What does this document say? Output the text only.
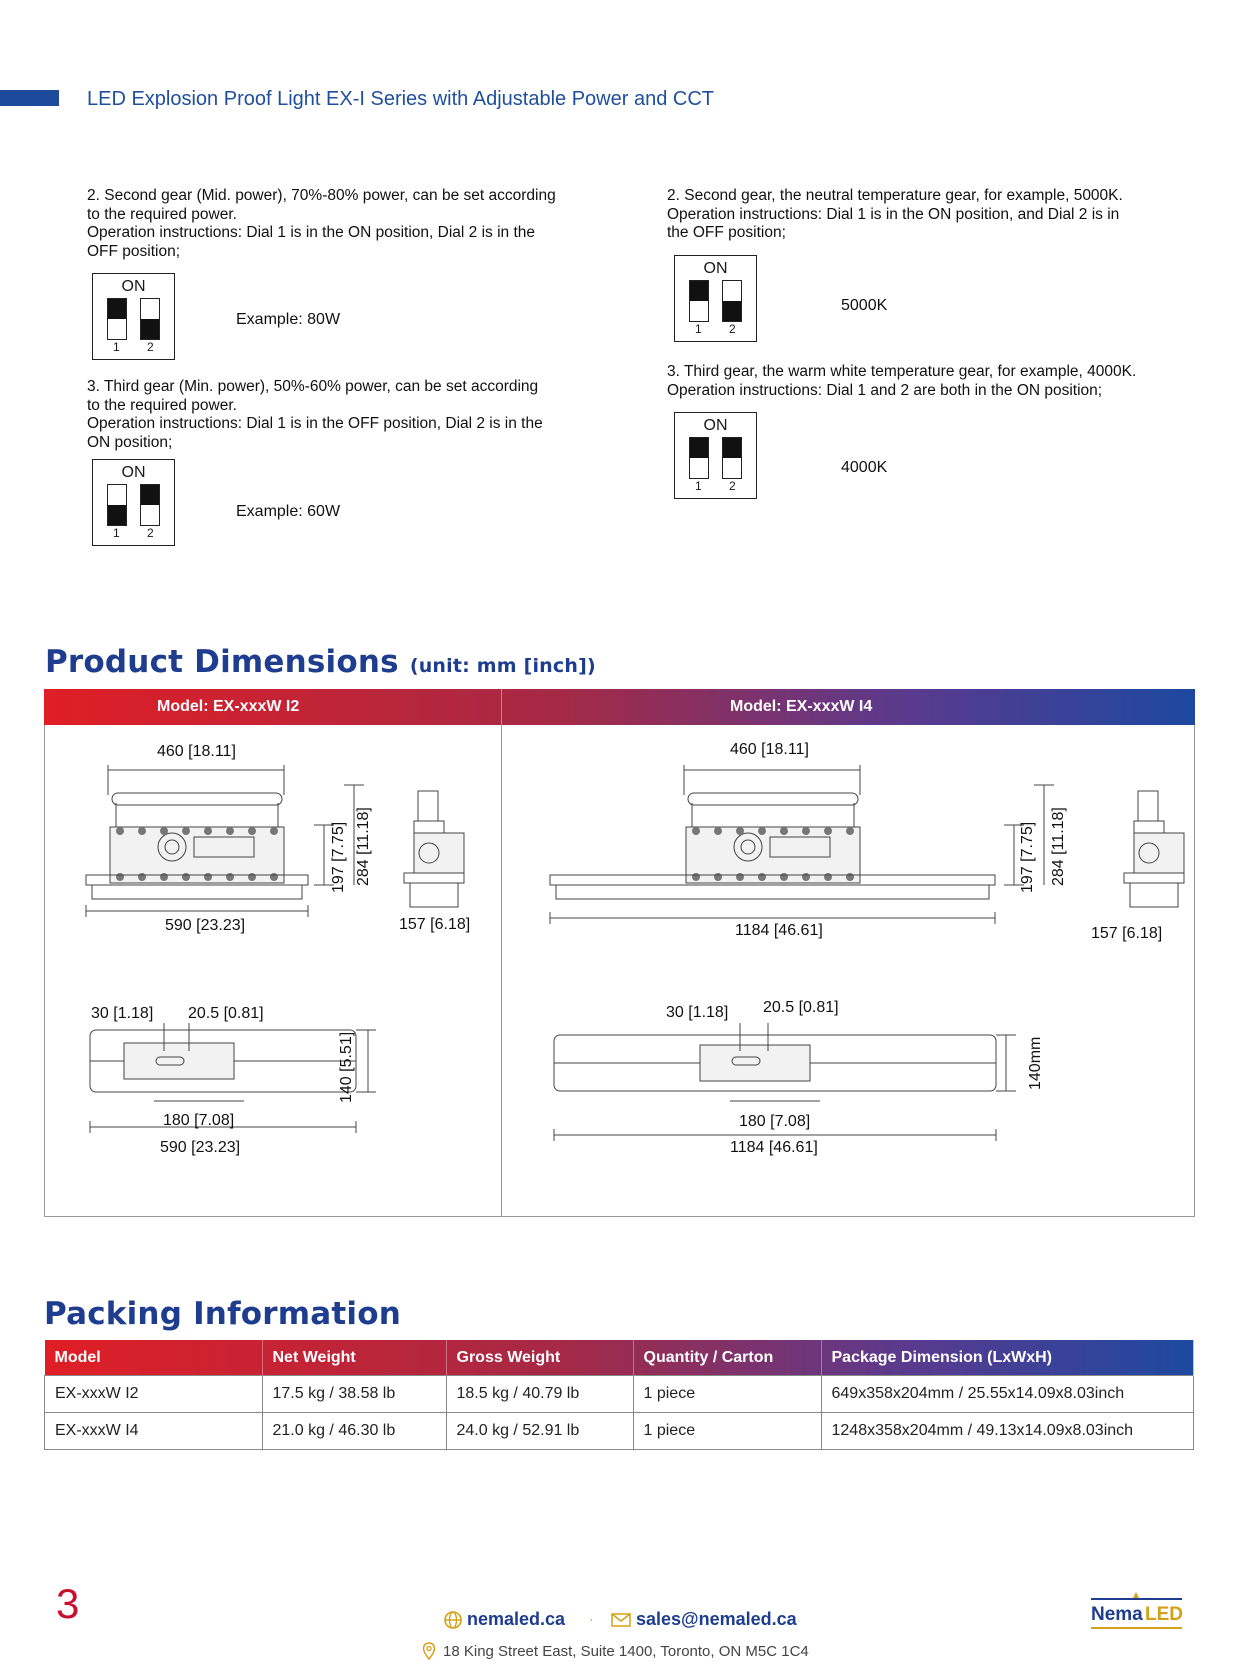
LED Explosion Proof Light EX-I Series with Adjustable Power and CCT
2. Second gear (Mid. power), 70%-80% power, can be set according
to the required power.
Operation instructions: Dial 1 is in the ON position, Dial 2 is in the
OFF position;
ON
1 2
Example: 80W
3. Third gear (Min. power), 50%-60% power, can be set according
to the required power.
Operation instructions: Dial 1 is in the OFF position, Dial 2 is in the
ON position;
ON
1 2
Example: 60W
2. Second gear, the neutral temperature gear, for example, 5000K.
Operation instructions: Dial 1 is in the ON position, and Dial 2 is in
the OFF position;
ON
1 2
5000K
3. Third gear, the warm white temperature gear, for example, 4000K.
Operation instructions: Dial 1 and 2 are both in the ON position;
ON
1 2
4000K
Product Dimensions (unit: mm [inch])
Model: EX-xxxW I2	Model: EX-xxxW I4
460 [18.11]
197 [7.75] 284 [11.18]
590 [23.23]	157 [6.18]
30 [1.18] 20.5 [0.81]
140 [5.51]
180 [7.08]
590 [23.23]
460 [18.11]
197 [7.75] 284 [11.18]
1184 [46.61]	157 [6.18]
30 [1.18] 20.5 [0.81]
140mm
180 [7.08]
1184 [46.61]
Packing Information
Model	Net Weight	Gross Weight	Quantity / Carton	Package Dimension (LxWxH)
EX-xxxW I2	17.5 kg / 38.58 lb	18.5 kg / 40.79 lb	1 piece	649x358x204mm / 25.55x14.09x8.03inch
EX-xxxW I4	21.0 kg / 46.30 lb	24.0 kg / 52.91 lb	1 piece	1248x358x204mm / 49.13x14.09x8.03inch
3	nemaled.ca · sales@nemaled.ca
18 King Street East, Suite 1400, Toronto, ON M5C 1C4
Nema LED
